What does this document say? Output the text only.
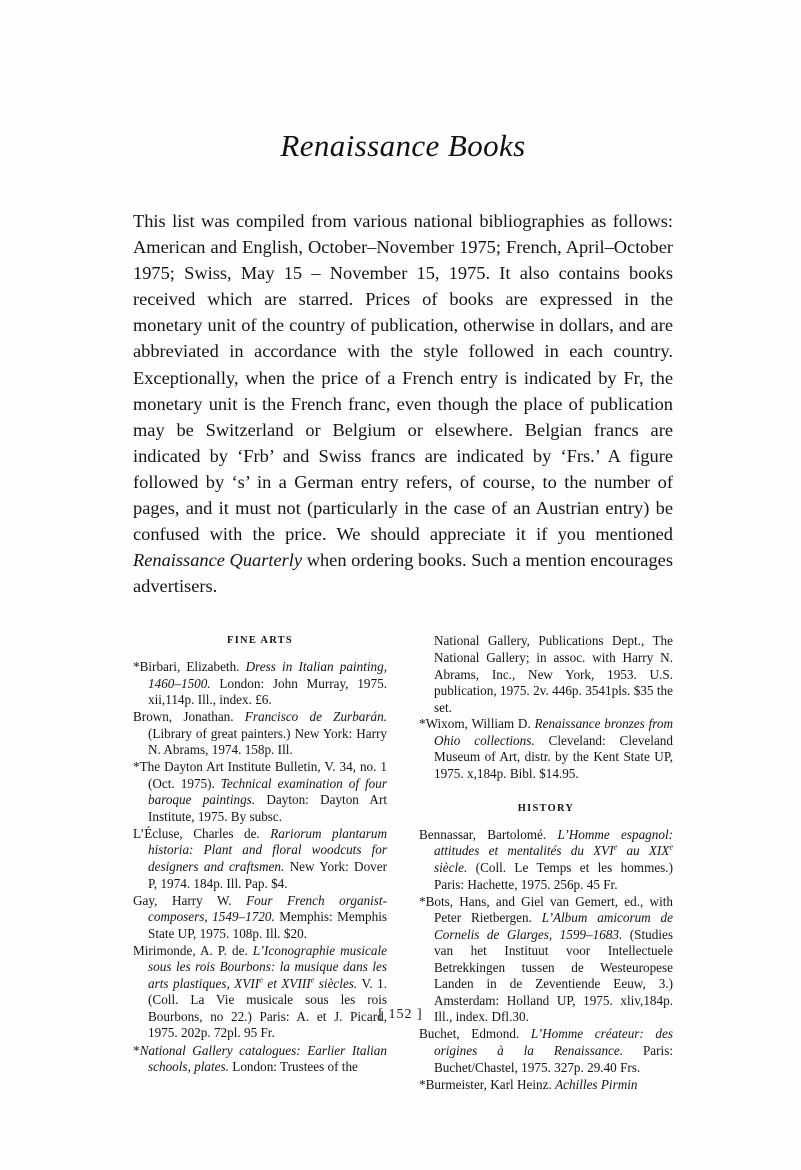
Renaissance Books

This list was compiled from various national bibliographies as follows: American and English, October–November 1975; French, April–October 1975; Swiss, May 15 – November 15, 1975. It also contains books received which are starred. Prices of books are expressed in the monetary unit of the country of publication, otherwise in dollars, and are abbreviated in accordance with the style followed in each country. Exceptionally, when the price of a French entry is indicated by Fr, the monetary unit is the French franc, even though the place of publication may be Switzerland or Belgium or elsewhere. Belgian francs are indicated by ‘Frb’ and Swiss francs are indicated by ‘Frs.’ A figure followed by ‘s’ in a German entry refers, of course, to the number of pages, and it must not (particularly in the case of an Austrian entry) be confused with the price. We should appreciate it if you mentioned Renaissance Quarterly when ordering books. Such a mention encourages advertisers.

FINE ARTS
*Birbari, Elizabeth. Dress in Italian painting, 1460–1500. London: John Murray, 1975. xii,114p. Ill., index. £6.
Brown, Jonathan. Francisco de Zurbarán. (Library of great painters.) New York: Harry N. Abrams, 1974. 158p. Ill.
*The Dayton Art Institute Bulletin, V. 34, no. 1 (Oct. 1975). Technical examination of four baroque paintings. Dayton: Dayton Art Institute, 1975. By subsc.
L’Écluse, Charles de. Rariorum plantarum historia: Plant and floral woodcuts for designers and craftsmen. New York: Dover P, 1974. 184p. Ill. Pap. $4.
Gay, Harry W. Four French organist-composers, 1549–1720. Memphis: Memphis State UP, 1975. 108p. Ill. $20.
Mirimonde, A. P. de. L’Iconographie musicale sous les rois Bourbons: la musique dans les arts plastiques, XVIIe et XVIIIe siècles. V. 1. (Coll. La Vie musicale sous les rois Bourbons, no 22.) Paris: A. et J. Picard, 1975. 202p. 72pl. 95 Fr.
*National Gallery catalogues: Earlier Italian schools, plates. London: Trustees of the
National Gallery, Publications Dept., The National Gallery; in assoc. with Harry N. Abrams, Inc., New York, 1953. U.S. publication, 1975. 2v. 446p. 3541pls. $35 the set.
*Wixom, William D. Renaissance bronzes from Ohio collections. Cleveland: Cleveland Museum of Art, distr. by the Kent State UP, 1975. x,184p. Bibl. $14.95.
HISTORY
Bennassar, Bartolomé. L’Homme espagnol: attitudes et mentalités du XVIe au XIXe siècle. (Coll. Le Temps et les hommes.) Paris: Hachette, 1975. 256p. 45 Fr.
*Bots, Hans, and Giel van Gemert, ed., with Peter Rietbergen. L’Album amicorum de Cornelis de Glarges, 1599–1683. (Studies van het Instituut voor Intellectuele Betrekkingen tussen de Westeuropese Landen in de Zeventiende Eeuw, 3.) Amsterdam: Holland UP, 1975. xliv,184p. Ill., index. Dfl.30.
Buchet, Edmond. L’Homme créateur: des origines à la Renaissance. Paris: Buchet/Chastel, 1975. 327p. 29.40 Frs.
*Burmeister, Karl Heinz. Achilles Pirmin
[ 152 ]
